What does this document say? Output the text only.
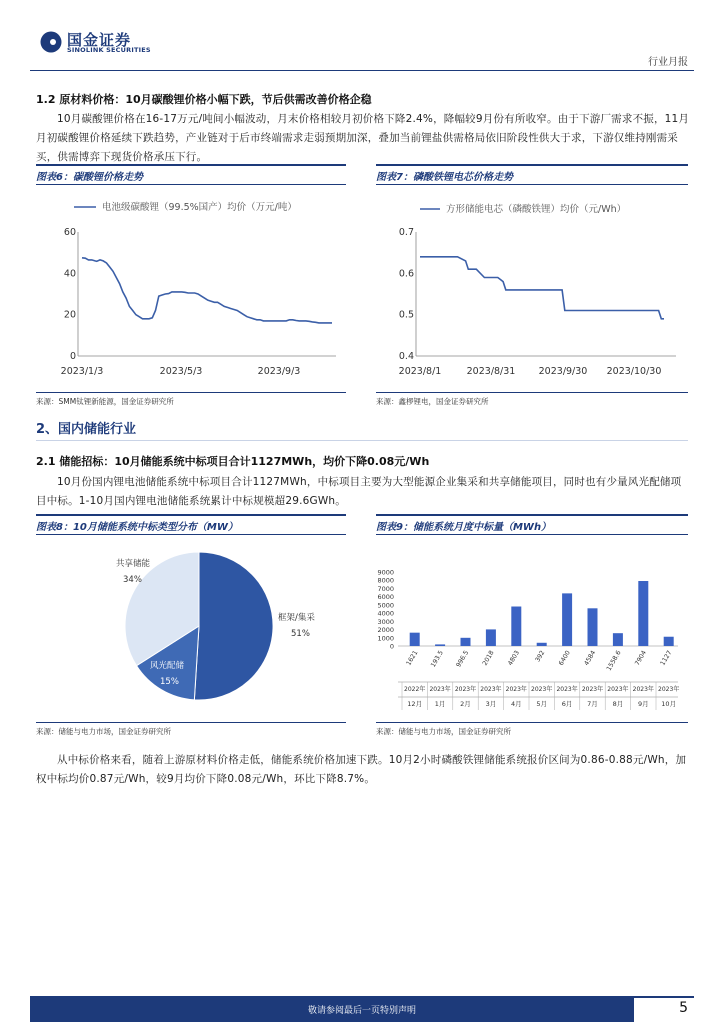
国金证券
SINOLINK SECURITIES
行业月报
1.2 原材料价格：10月碳酸锂价格小幅下跌，节后供需改善价格企稳
10月碳酸锂价格在16-17万元/吨间小幅波动，月末价格相较月初价格下降2.4%，降幅较9月份有所收窄。由于下游厂需求不振，11月月初碳酸锂价格延续下跌趋势，产业链对于后市终端需求走弱预期加深，叠加当前锂盐供需格局依旧阶段性供大于求，下游仅维持刚需采买，供需博弈下现货价格承压下行。
图表6：碳酸锂价格走势
电池级碳酸锂（99.5%国产）均价（万元/吨）
0
20
40
60
2023/1/3	2023/5/3	2023/9/3
来源：SMM钛锂新能源，国金证券研究所
图表7：磷酸铁锂电芯价格走势
方形储能电芯（磷酸铁锂）均价（元/Wh）
0.4
0.5
0.6
0.7
2023/8/1	2023/8/31 2023/9/30 2023/10/30
来源：鑫椤锂电，国金证券研究所
2、国内储能行业
2.1 储能招标：10月储能系统中标项目合计1127MWh，均价下降0.08元/Wh
10月份国内锂电池储能系统中标项目合计1127MWh，中标项目主要为大型能源企业集采和共享储能项目，同时也有少量风光配储项目中标。1-10月国内锂电池储能系统累计中标规模超29.6GWh。
图表8：10月储能系统中标类型分布（MW）
共享储能
34%
框架/集采
51%
风光配储
15%
来源：储能与电力市场，国金证券研究所
图表9：储能系统月度中标量（MWh）
0
1000
2000
3000
4000
5000
6000
7000
8000
9000
1621 193.5 996.5 2018 4803 392 6400 4584 1558.6 7904 1127
2022年
12月
2023年
1月
2023年
2月
2023年
3月
2023年
4月
2023年
5月
2023年
6月
2023年
7月
2023年
8月
2023年
9月
2023年
10月
来源：储能与电力市场，国金证券研究所
从中标价格来看，随着上游原材料价格走低，储能系统价格加速下跌。10月2小时磷酸铁锂储能系统报价区间为0.86-0.88元/Wh，加权中标均价0.87元/Wh，较9月均价下降0.08元/Wh，环比下降8.7%。
敬请参阅最后一页特别声明	5
